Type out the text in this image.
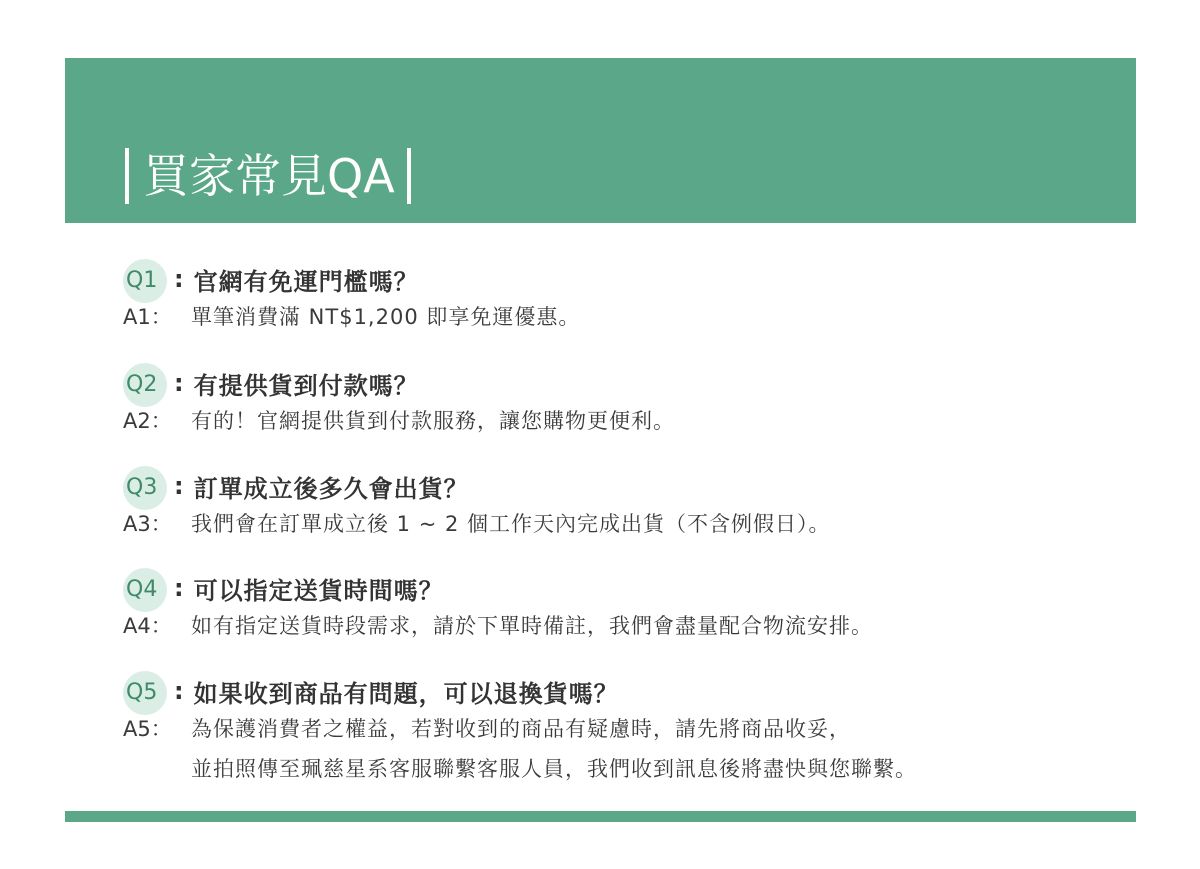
買家常見QA
Q1 : 官網有免運門檻嗎？
A1： 單筆消費滿 NT$1,200 即享免運優惠。
Q2 : 有提供貨到付款嗎？
A2： 有的！官網提供貨到付款服務，讓您購物更便利。
Q3 : 訂單成立後多久會出貨？
A3： 我們會在訂單成立後 1 ~ 2 個工作天內完成出貨（不含例假日）。
Q4 : 可以指定送貨時間嗎？
A4： 如有指定送貨時段需求，請於下單時備註，我們會盡量配合物流安排。
Q5 : 如果收到商品有問題，可以退換貨嗎？
A5： 為保護消費者之權益，若對收到的商品有疑慮時，請先將商品收妥，
並拍照傳至珮慈星系客服聯繫客服人員，我們收到訊息後將盡快與您聯繫。
